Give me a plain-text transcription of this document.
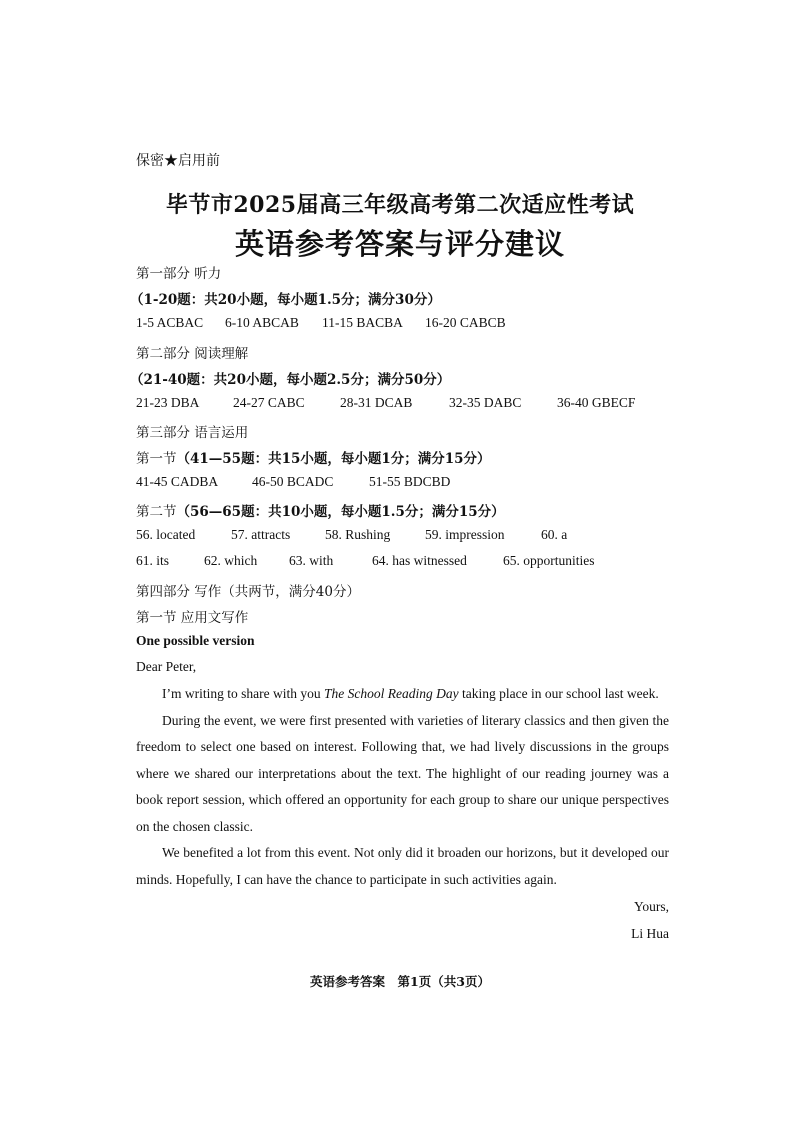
保密★启用前
毕节市2025届高三年级高考第二次适应性考试
英语参考答案与评分建议
第一部分 听力
（1-20题：共20小题，每小题1.5分；满分30分）
1-5 ACBAC 6-10 ABCAB 11-15 BACBA 16-20 CABCB
第二部分 阅读理解
（21-40题：共20小题，每小题2.5分；满分50分）
21-23 DBA 24-27 CABC	28-31 DCAB	32-35 DABC	36-40 GBECF
第三部分 语言运用
第一节（41—55题：共15小题，每小题1分；满分15分）
41-45 CADBA	46-50 BCADC	51-55 BDCBD
第二节（56—65题：共10小题，每小题1.5分；满分15分）
56. located	57. attracts	58. Rushing	59. impression	60. a
61. its	62. which 63. with	64. has witnessed	65. opportunities
第四部分 写作（共两节，满分40分）
第一节 应用文写作
One possible version
Dear Peter,

I’m writing to share with you The School Reading Day taking place in our school last week.

During the event, we were first presented with varieties of literary classics and then given the freedom to select one based on interest. Following that, we had lively discussions in the groups where we shared our interpretations about the text. The highlight of our reading journey was a book report session, which offered an opportunity for each group to share our unique perspectives on the chosen classic.

We benefited a lot from this event. Not only did it broaden our horizons, but it developed our minds. Hopefully, I can have the chance to participate in such activities again.

Yours,
Li Hua
英语参考答案　第1页（共3页）
